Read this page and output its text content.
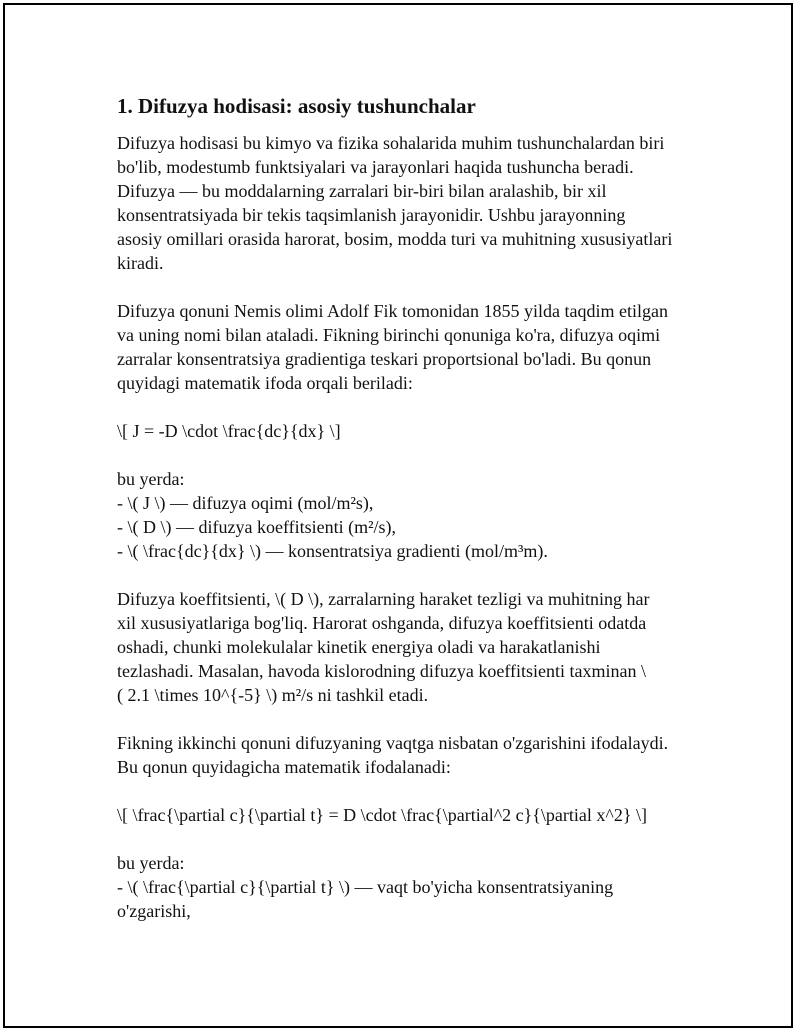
1. Difuzya hodisasi: asosiy tushunchalar
Difuzya hodisasi bu kimyo va fizika sohalarida muhim tushunchalardan biri
bo'lib, modestumb funktsiyalari va jarayonlari haqida tushuncha beradi.
Difuzya — bu moddalarning zarralari bir-biri bilan aralashib, bir xil
konsentratsiyada bir tekis taqsimlanish jarayonidir. Ushbu jarayonning
asosiy omillari orasida harorat, bosim, modda turi va muhitning xususiyatlari
kiradi.
Difuzya qonuni Nemis olimi Adolf Fik tomonidan 1855 yilda taqdim etilgan
va uning nomi bilan ataladi. Fikning birinchi qonuniga ko'ra, difuzya oqimi
zarralar konsentratsiya gradientiga teskari proportsional bo'ladi. Bu qonun
quyidagi matematik ifoda orqali beriladi:
\[ J = -D \cdot \frac{dc}{dx} \]
bu yerda:
- \( J \) — difuzya oqimi (mol/m²s),
- \( D \) — difuzya koeffitsienti (m²/s),
- \( \frac{dc}{dx} \) — konsentratsiya gradienti (mol/m³m).
Difuzya koeffitsienti, \( D \), zarralarning haraket tezligi va muhitning har
xil xususiyatlariga bog'liq. Harorat oshganda, difuzya koeffitsienti odatda
oshadi, chunki molekulalar kinetik energiya oladi va harakatlanishi
tezlashadi. Masalan, havoda kislorodning difuzya koeffitsienti taxminan \
( 2.1 \times 10^{-5} \) m²/s ni tashkil etadi.
Fikning ikkinchi qonuni difuzyaning vaqtga nisbatan o'zgarishini ifodalaydi.
Bu qonun quyidagicha matematik ifodalanadi:
\[ \frac{\partial c}{\partial t} = D \cdot \frac{\partial^2 c}{\partial x^2} \]
bu yerda:
- \( \frac{\partial c}{\partial t} \) — vaqt bo'yicha konsentratsiyaning
o'zgarishi,
